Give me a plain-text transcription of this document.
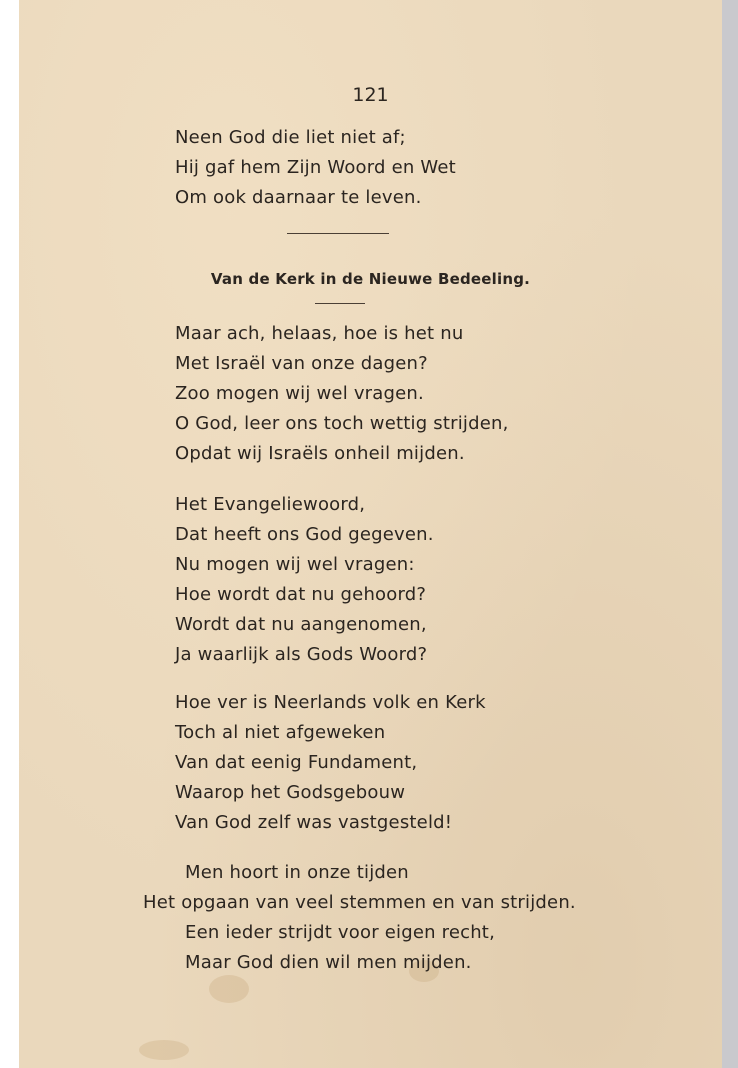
121
Neen God die liet niet af;
Hij gaf hem Zijn Woord en Wet
Om ook daarnaar te leven.
Van de Kerk in de Nieuwe Bedeeling.
Maar ach, helaas, hoe is het nu
Met Israël van onze dagen?
Zoo mogen wij wel vragen.
O God, leer ons toch wettig strijden,
Opdat wij Israëls onheil mijden.
Het Evangeliewoord,
Dat heeft ons God gegeven.
Nu mogen wij wel vragen:
Hoe wordt dat nu gehoord?
Wordt dat nu aangenomen,
Ja waarlijk als Gods Woord?
Hoe ver is Neerlands volk en Kerk
Toch al niet afgeweken
Van dat eenig Fundament,
Waarop het Godsgebouw
Van God zelf was vastgesteld!
Men hoort in onze tijden
Het opgaan van veel stemmen en van strijden.
Een ieder strijdt voor eigen recht,
Maar God dien wil men mijden.
